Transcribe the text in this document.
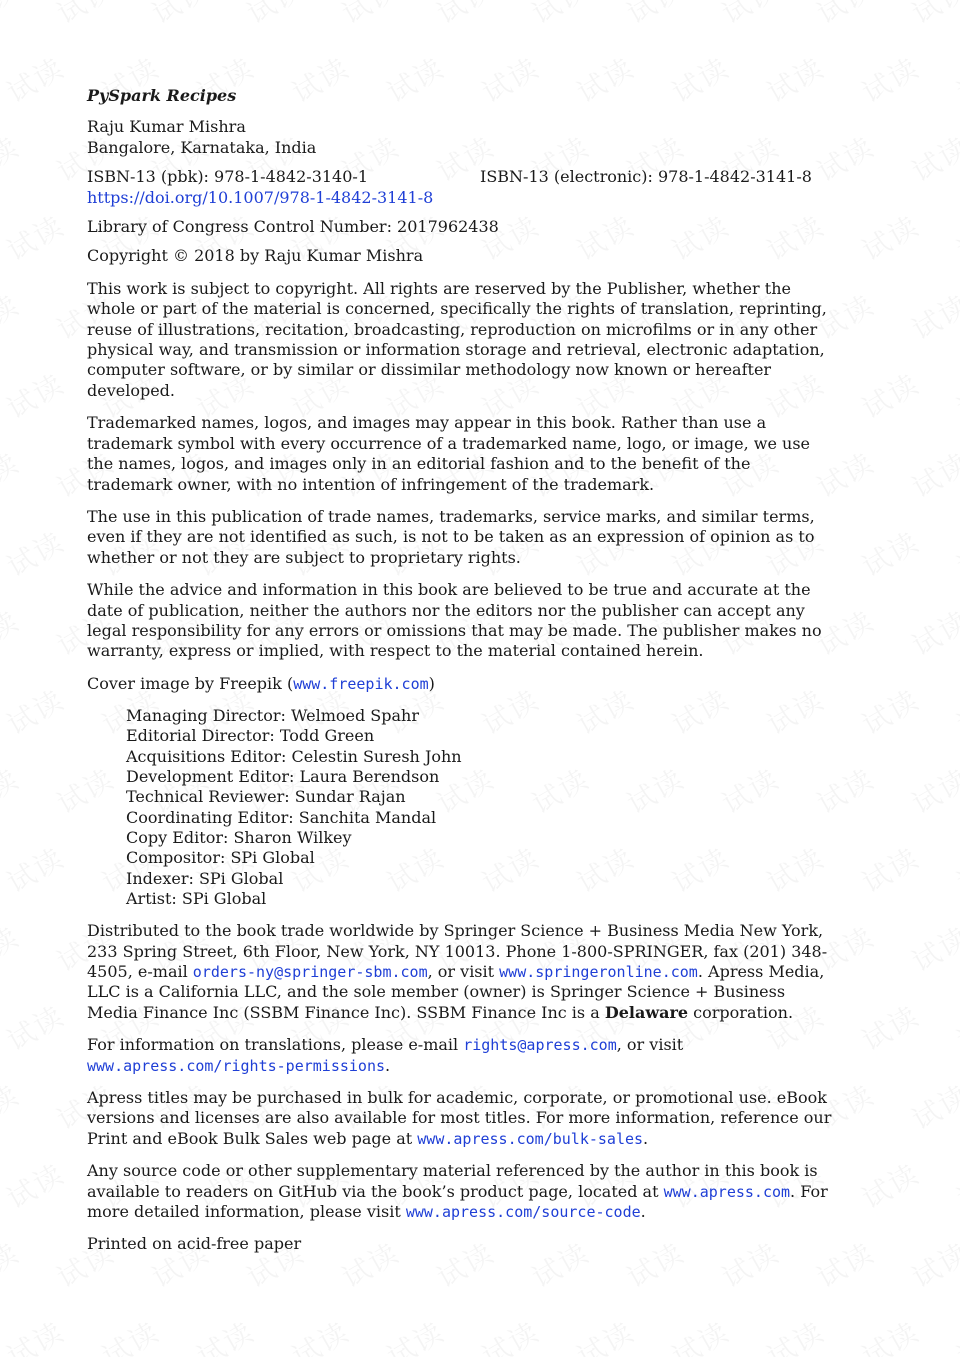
PySpark Recipes

Raju Kumar Mishra
Bangalore, Karnataka, India

ISBN-13 (pbk): 978-1-4842-3140-1	ISBN-13 (electronic): 978-1-4842-3141-8
https://doi.org/10.1007/978-1-4842-3141-8

Library of Congress Control Number: 2017962438

Copyright © 2018 by Raju Kumar Mishra

This work is subject to copyright. All rights are reserved by the Publisher, whether the whole or part of the material is concerned, specifically the rights of translation, reprinting, reuse of illustrations, recitation, broadcasting, reproduction on microfilms or in any other physical way, and transmission or information storage and retrieval, electronic adaptation, computer software, or by similar or dissimilar methodology now known or hereafter developed.

Trademarked names, logos, and images may appear in this book. Rather than use a trademark symbol with every occurrence of a trademarked name, logo, or image, we use the names, logos, and images only in an editorial fashion and to the benefit of the trademark owner, with no intention of infringement of the trademark.

The use in this publication of trade names, trademarks, service marks, and similar terms, even if they are not identified as such, is not to be taken as an expression of opinion as to whether or not they are subject to proprietary rights.

While the advice and information in this book are believed to be true and accurate at the date of publication, neither the authors nor the editors nor the publisher can accept any legal responsibility for any errors or omissions that may be made. The publisher makes no warranty, express or implied, with respect to the material contained herein.

Cover image by Freepik (www.freepik.com)

Managing Director: Welmoed Spahr
Editorial Director: Todd Green
Acquisitions Editor: Celestin Suresh John
Development Editor: Laura Berendson
Technical Reviewer: Sundar Rajan
Coordinating Editor: Sanchita Mandal
Copy Editor: Sharon Wilkey
Compositor: SPi Global
Indexer: SPi Global
Artist: SPi Global

Distributed to the book trade worldwide by Springer Science + Business Media New York, 233 Spring Street, 6th Floor, New York, NY 10013. Phone 1-800-SPRINGER, fax (201) 348-4505, e-mail orders-ny@springer-sbm.com, or visit www.springeronline.com. Apress Media, LLC is a California LLC, and the sole member (owner) is Springer Science + Business Media Finance Inc (SSBM Finance Inc). SSBM Finance Inc is a Delaware corporation.

For information on translations, please e-mail rights@apress.com, or visit
www.apress.com/rights-permissions.

Apress titles may be purchased in bulk for academic, corporate, or promotional use. eBook versions and licenses are also available for most titles. For more information, reference our Print and eBook Bulk Sales web page at www.apress.com/bulk-sales.

Any source code or other supplementary material referenced by the author in this book is available to readers on GitHub via the book’s product page, located at www.apress.com. For more detailed information, please visit www.apress.com/source-code.

Printed on acid-free paper
